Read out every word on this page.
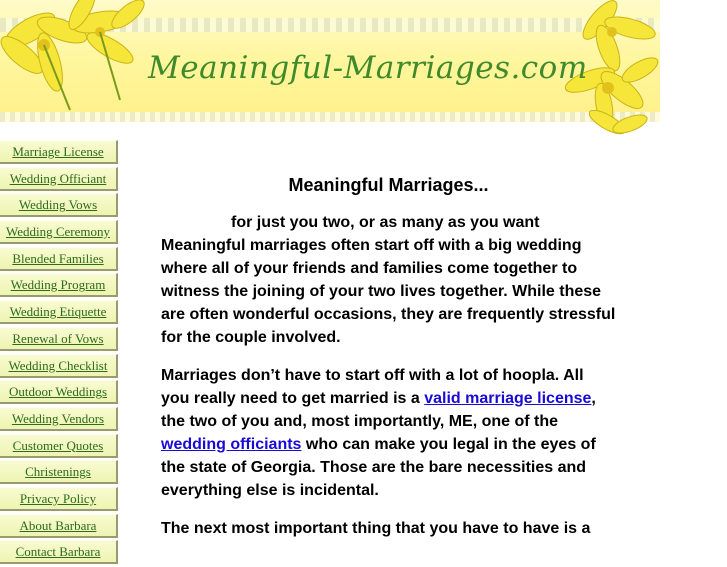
Meaningful-Marriages.com
Marriage License
Wedding Officiant
Wedding Vows
Wedding Ceremony
Blended Families
Wedding Program
Wedding Etiquette
Renewal of Vows
Wedding Checklist
Outdoor Weddings
Wedding Vendors
Customer Quotes
Christenings
Privacy Policy
About Barbara
Contact Barbara
Meaningful Marriages...
for just you two, or as many as you want

Meaningful marriages often start off with a big wedding where all of your friends and families come together to witness the joining of your two lives together. While these are often wonderful occasions, they are frequently stressful for the couple involved.

Marriages don’t have to start off with a lot of hoopla. All you really need to get married is a valid marriage license, the two of you and, most importantly, ME, one of the wedding officiants who can make you legal in the eyes of the state of Georgia. Those are the bare necessities and everything else is incidental.

The next most important thing that you have to have is a
